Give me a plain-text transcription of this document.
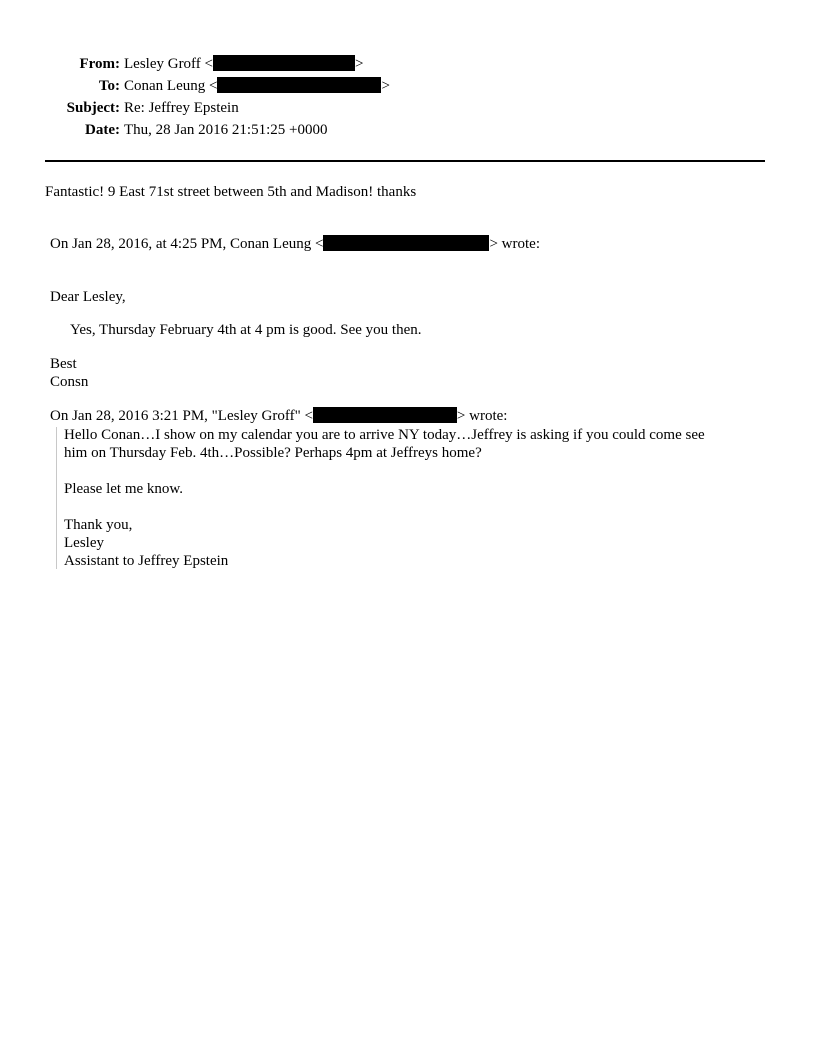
From: Lesley Groff <	>
To: Conan Leung <	>
Subject: Re: Jeffrey Epstein
Date: Thu, 28 Jan 2016 21:51:25 +0000
Fantastic! 9 East 71st street between 5th and Madison! thanks
On Jan 28, 2016, at 4:25 PM, Conan Leung <	> wrote:
Dear Lesley,
Yes, Thursday February 4th at 4 pm is good. See you then.
Best
Consn
On Jan 28, 2016 3:21 PM, "Lesley Groff" <	> wrote:
Hello Conan…I show on my calendar you are to arrive NY today…Jeffrey is asking if you could come see
him on Thursday Feb. 4th…Possible? Perhaps 4pm at Jeffreys home?
Please let me know.
Thank you,
Lesley
Assistant to Jeffrey Epstein
